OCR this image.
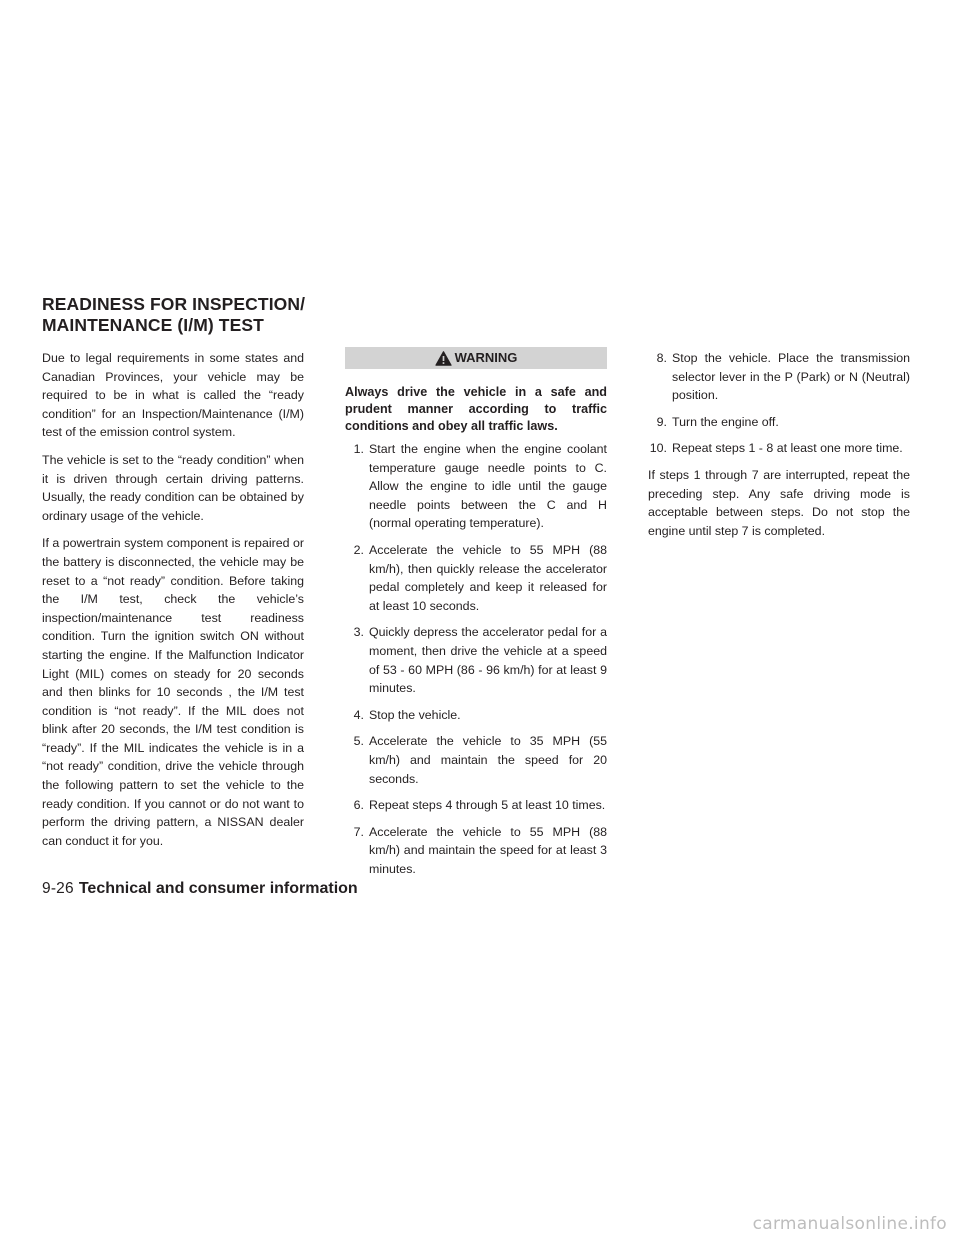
READINESS FOR INSPECTION/
MAINTENANCE (I/M) TEST

Due to legal requirements in some states and Canadian Provinces, your vehicle may be required to be in what is called the “ready condition” for an Inspection/Maintenance (I/M) test of the emission control system.

The vehicle is set to the “ready condition” when it is driven through certain driving patterns. Usually, the ready condition can be obtained by ordinary usage of the vehicle.

If a powertrain system component is repaired or the battery is disconnected, the vehicle may be reset to a “not ready” condition. Before taking the I/M test, check the vehicle’s inspection/maintenance test readiness condition. Turn the ignition switch ON without starting the engine. If the Malfunction Indicator Light (MIL) comes on steady for 20 seconds and then blinks for 10 seconds , the I/M test condition is “not ready”. If the MIL does not blink after 20 seconds, the I/M test condition is “ready”. If the MIL indicates the vehicle is in a “not ready” condition, drive the vehicle through the following pattern to set the vehicle to the ready condition. If you cannot or do not want to perform the driving pattern, a NISSAN dealer can conduct it for you.

WARNING

Always drive the vehicle in a safe and prudent manner according to traffic conditions and obey all traffic laws.

1. Start the engine when the engine coolant temperature gauge needle points to C. Allow the engine to idle until the gauge needle points between the C and H (normal operating temperature).
2. Accelerate the vehicle to 55 MPH (88 km/h), then quickly release the accelerator pedal completely and keep it released for at least 10 seconds.
3. Quickly depress the accelerator pedal for a moment, then drive the vehicle at a speed of 53 - 60 MPH (86 - 96 km/h) for at least 9 minutes.
4. Stop the vehicle.
5. Accelerate the vehicle to 35 MPH (55 km/h) and maintain the speed for 20 seconds.
6. Repeat steps 4 through 5 at least 10 times.
7. Accelerate the vehicle to 55 MPH (88 km/h) and maintain the speed for at least 3 minutes.
8. Stop the vehicle. Place the transmission selector lever in the P (Park) or N (Neutral) position.
9. Turn the engine off.
10. Repeat steps 1 - 8 at least one more time.

If steps 1 through 7 are interrupted, repeat the preceding step. Any safe driving mode is acceptable between steps. Do not stop the engine until step 7 is completed.

9-26 Technical and consumer information
carmanualsonline.info
